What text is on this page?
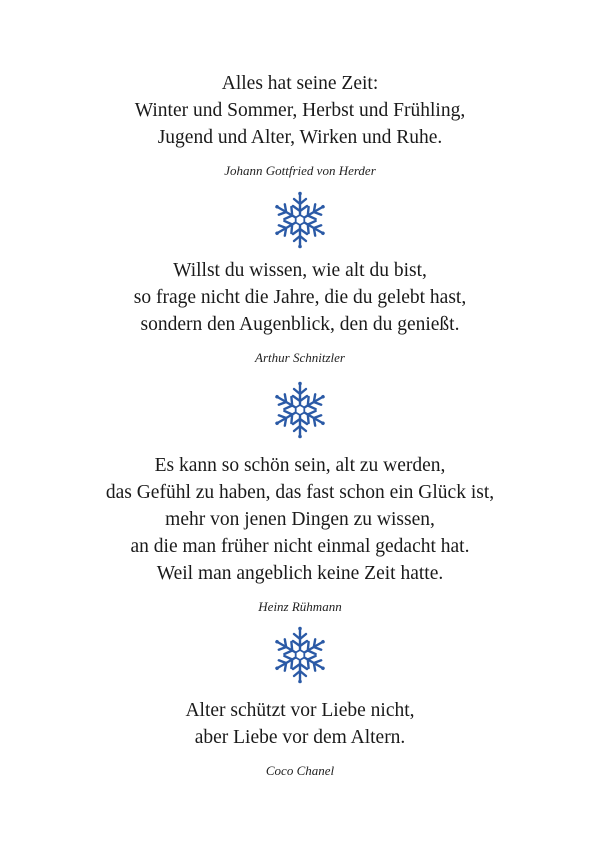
Alles hat seine Zeit:
Winter und Sommer, Herbst und Frühling,
Jugend und Alter, Wirken und Ruhe.
Johann Gottfried von Herder
Willst du wissen, wie alt du bist,
so frage nicht die Jahre, die du gelebt hast,
sondern den Augenblick, den du genießt.
Arthur Schnitzler
Es kann so schön sein, alt zu werden,
das Gefühl zu haben, das fast schon ein Glück ist,
mehr von jenen Dingen zu wissen,
an die man früher nicht einmal gedacht hat.
Weil man angeblich keine Zeit hatte.
Heinz Rühmann
Alter schützt vor Liebe nicht,
aber Liebe vor dem Altern.
Coco Chanel
